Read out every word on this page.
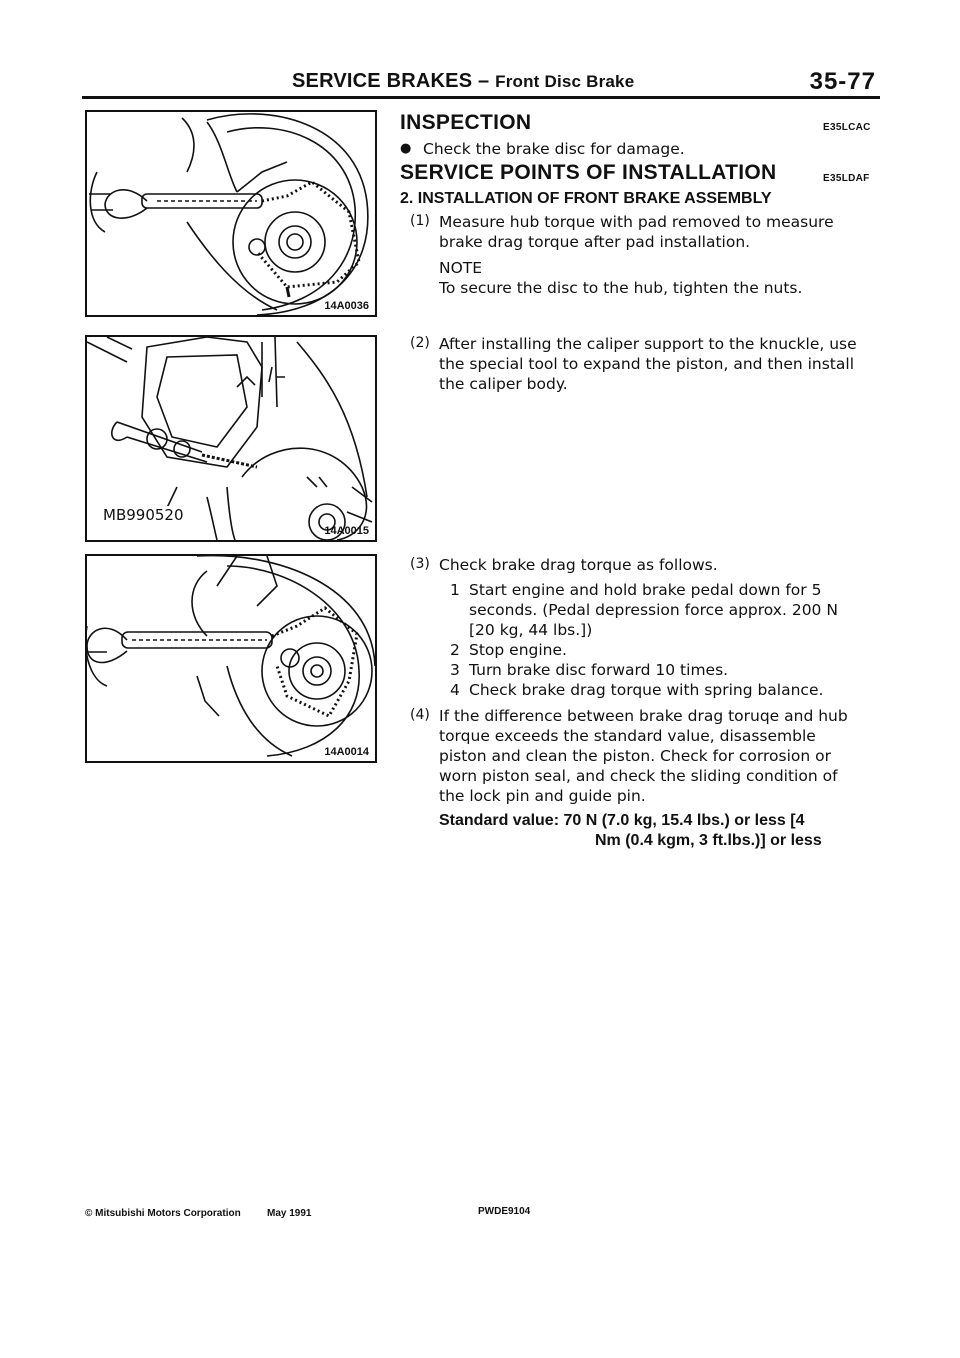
SERVICE BRAKES – Front Disc Brake	35-77
14A0036
MB990520
14A0015
14A0014
INSPECTION	E35LCAC
● Check the brake disc for damage.
SERVICE POINTS OF INSTALLATION	E35LDAF
2. INSTALLATION OF FRONT BRAKE ASSEMBLY
(1) Measure hub torque with pad removed to measure
brake drag torque after pad installation.
NOTE
To secure the disc to the hub, tighten the nuts.
(2) After installing the caliper support to the knuckle, use
the special tool to expand the piston, and then install
the caliper body.
(3) Check brake drag torque as follows.
1 Start engine and hold brake pedal down for 5
seconds. (Pedal depression force approx. 200 N
[20 kg, 44 lbs.])
2 Stop engine.
3 Turn brake disc forward 10 times.
4 Check brake drag torque with spring balance.
(4) If the difference between brake drag toruqe and hub
torque exceeds the standard value, disassemble
piston and clean the piston. Check for corrosion or
worn piston seal, and check the sliding condition of
the lock pin and guide pin.
Standard value: 70 N (7.0 kg, 15.4 lbs.) or less [4
Nm (0.4 kgm, 3 ft.lbs.)] or less
© Mitsubishi Motors Corporation	May 1991	PWDE9104
